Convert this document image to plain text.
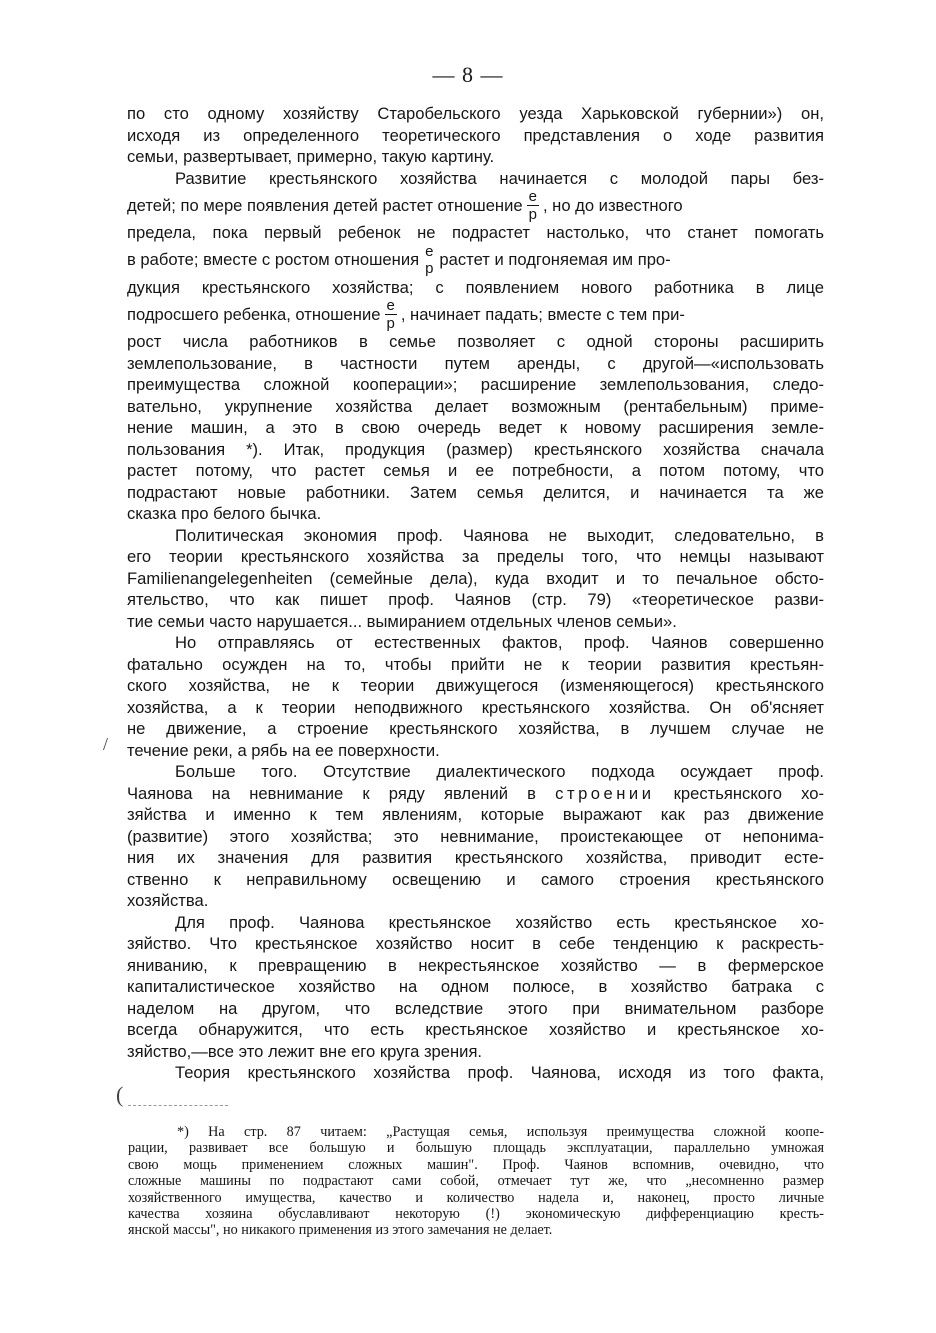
— 8 —
по сто одному хозяйству Старобельского уезда Харьковской губернии») он,
исходя из определенного теоретического представления о ходе развития
семьи, развертывает, примерно, такую картину.
Развитие крестьянского хозяйства начинается с молодой пары без-
детей; по мере появления детей растет отношение $\frac{е}{р}$ , но до известного
предела, пока первый ребенок не подрастет настолько, что станет помогать
в работе; вместе с ростом отношения е
р растет и подгоняемая им про-
дукция крестьянского хозяйства; с появлением нового работника в лице
подросшего ребенка, отношение $\frac{е}{р}$ , начинает падать; вместе с тем при-
рост числа работников в семье позволяет с одной стороны расширить
землепользование, в частности путем аренды, с другой—«использовать
преимущества сложной кооперации»; расширение землепользования, следо-
вательно, укрупнение хозяйства делает возможным (рентабельным) приме-
нение машин, а это в свою очередь ведет к новому расширения земле-
пользования *). Итак, продукция (размер) крестьянского хозяйства сначала
растет потому, что растет семья и ее потребности, а потом потому, что
подрастают новые работники. Затем семья делится, и начинается та же
сказка про белого бычка.
Политическая экономия проф. Чаянова не выходит, следовательно, в
его теории крестьянского хозяйства за пределы того, что немцы называют
Familienangelegenheiten (семейные дела), куда входит и то печальное обсто-
ятельство, что как пишет проф. Чаянов (стр. 79) «теоретическое разви-
тие семьи часто нарушается... вымиранием отдельных членов семьи».
Но отправляясь от естественных фактов, проф. Чаянов совершенно
фатально осужден на то, чтобы прийти не к теории развития крестьян-
ского хозяйства, не к теории движущегося (изменяющегося) крестьянского
хозяйства, а к теории неподвижного крестьянского хозяйства. Он об'ясняет
не движение, а строение крестьянского хозяйства, в лучшем случае не
течение реки, а рябь на ее поверхности.
Больше того. Отсутствие диалектического подхода осуждает проф.
Чаянова на невнимание к ряду явлений в строении крестьянского хо-
зяйства и именно к тем явлениям, которые выражают как раз движение
(развитие) этого хозяйства; это невнимание, проистекающее от непонима-
ния их значения для развития крестьянского хозяйства, приводит есте-
ственно к неправильному освещению и самого строения крестьянского
хозяйства.
Для проф. Чаянова крестьянское хозяйство есть крестьянское хо-
зяйство. Что крестьянское хозяйство носит в себе тенденцию к раскресть-
яниванию, к превращению в некрестьянское хозяйство — в фермерское
капиталистическое хозяйство на одном полюсе, в хозяйство батрака с
наделом на другом, что вследствие этого при внимательном разборе
всегда обнаружится, что есть крестьянское хозяйство и крестьянское хо-
зяйство,—все это лежит вне его круга зрения.
Теория крестьянского хозяйства проф. Чаянова, исходя из того факта,
/
(
*) На стр. 87 читаем: „Растущая семья, используя преимущества сложной коопе-
рации, развивает все большую и большую площадь эксплуатации, параллельно умножая
свою мощь применением сложных машин". Проф. Чаянов вспомнив, очевидно, что
сложные машины по подрастают сами собой, отмечает тут же, что „несомненно размер
хозяйственного имущества, качество и количество надела и, наконец, просто личные
качества хозяина обуславливают некоторую (!) экономическую дифференциацию кресть-
янской массы", но никакого применения из этого замечания не делает.
